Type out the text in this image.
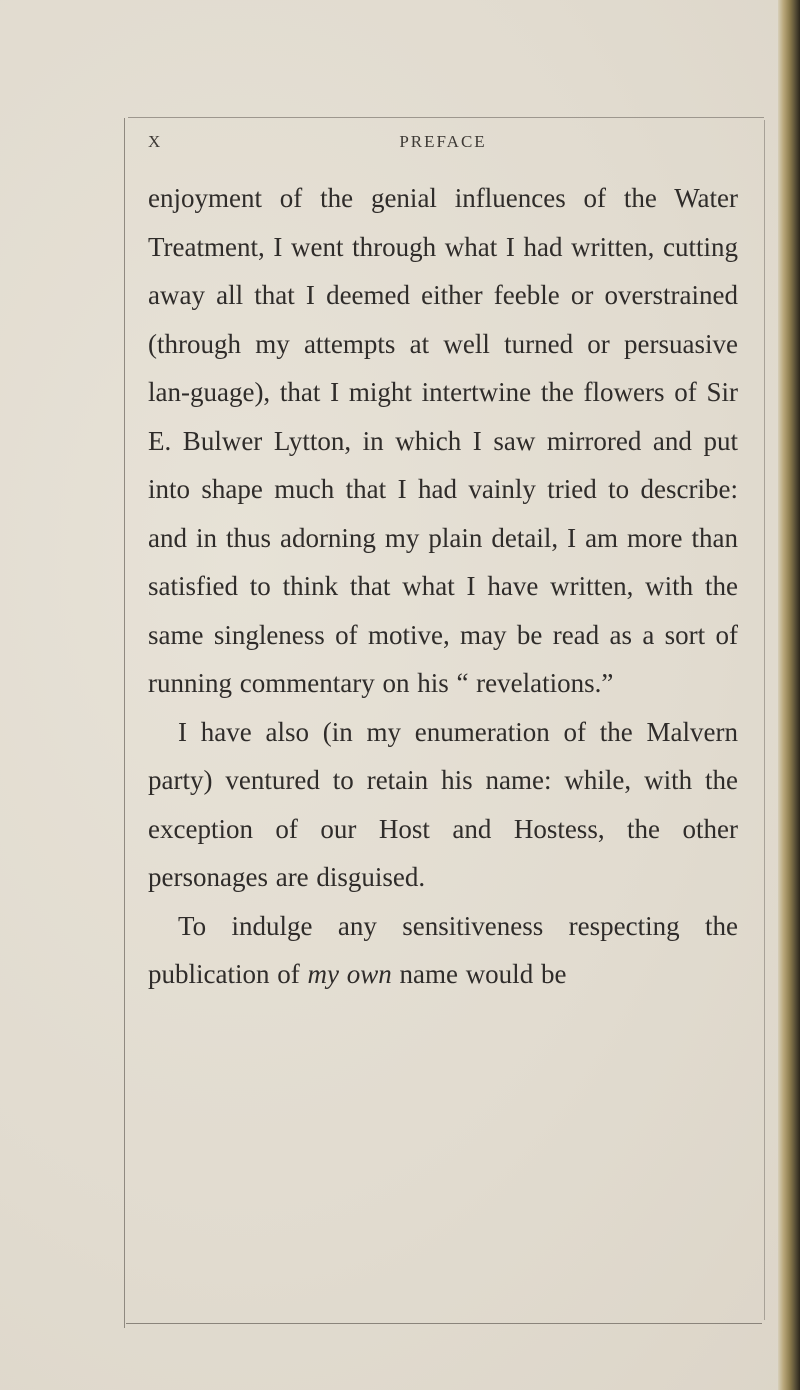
X	PREFACE

enjoyment of the genial influences of the Water Treatment, I went through what I had written, cutting away all that I deemed either feeble or overstrained (through my attempts at well turned or persuasive lan-guage), that I might intertwine the flowers of Sir E. Bulwer Lytton, in which I saw mirrored and put into shape much that I had vainly tried to describe: and in thus adorning my plain detail, I am more than satisfied to think that what I have written, with the same singleness of motive, may be read as a sort of running commentary on his “ revelations.”

I have also (in my enumeration of the Malvern party) ventured to retain his name: while, with the exception of our Host and Hostess, the other personages are disguised.

To indulge any sensitiveness respecting the publication of my own name would be
